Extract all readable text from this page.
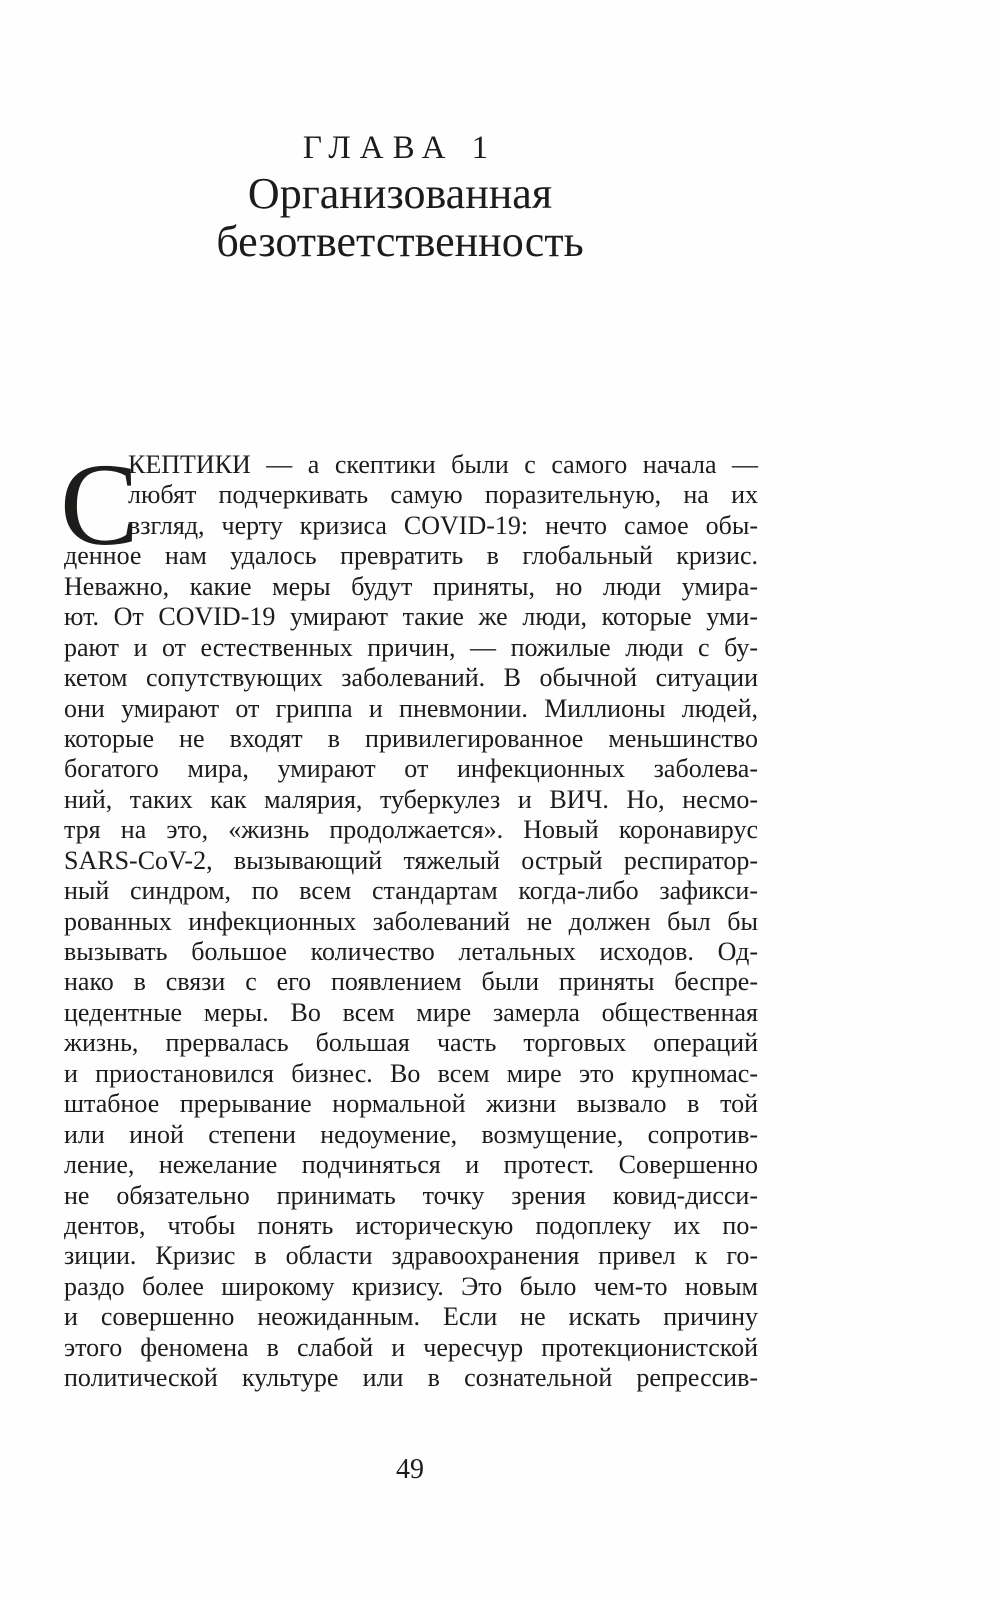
ГЛАВА 1
Организованная
безответственность
С
КЕПТИКИ — а скептики были с самого начала —
любят подчеркивать самую поразительную, на их
взгляд, черту кризиса COVID-19: нечто самое обы-
денное нам удалось превратить в глобальный кризис.
Неважно, какие меры будут приняты, но люди умира-
ют. От COVID-19 умирают такие же люди, которые уми-
рают и от естественных причин, — пожилые люди с бу-
кетом сопутствующих заболеваний. В обычной ситуации
они умирают от гриппа и пневмонии. Миллионы людей,
которые не входят в привилегированное меньшинство
богатого мира, умирают от инфекционных заболева-
ний, таких как малярия, туберкулез и ВИЧ. Но, несмо-
тря на это, «жизнь продолжается». Новый коронавирус
SARS-CoV-2, вызывающий тяжелый острый респиратор-
ный синдром, по всем стандартам когда-либо зафикси-
рованных инфекционных заболеваний не должен был бы
вызывать большое количество летальных исходов. Од-
нако в связи с его появлением были приняты беспре-
цедентные меры. Во всем мире замерла общественная
жизнь, прервалась большая часть торговых операций
и приостановился бизнес. Во всем мире это крупномас-
штабное прерывание нормальной жизни вызвало в той
или иной степени недоумение, возмущение, сопротив-
ление, нежелание подчиняться и протест. Совершенно
не обязательно принимать точку зрения ковид-дисси-
дентов, чтобы понять историческую подоплеку их по-
зиции. Кризис в области здравоохранения привел к го-
раздо более широкому кризису. Это было чем-то новым
и совершенно неожиданным. Если не искать причину
этого феномена в слабой и чересчур протекционистской
политической культуре или в сознательной репрессив-
49
